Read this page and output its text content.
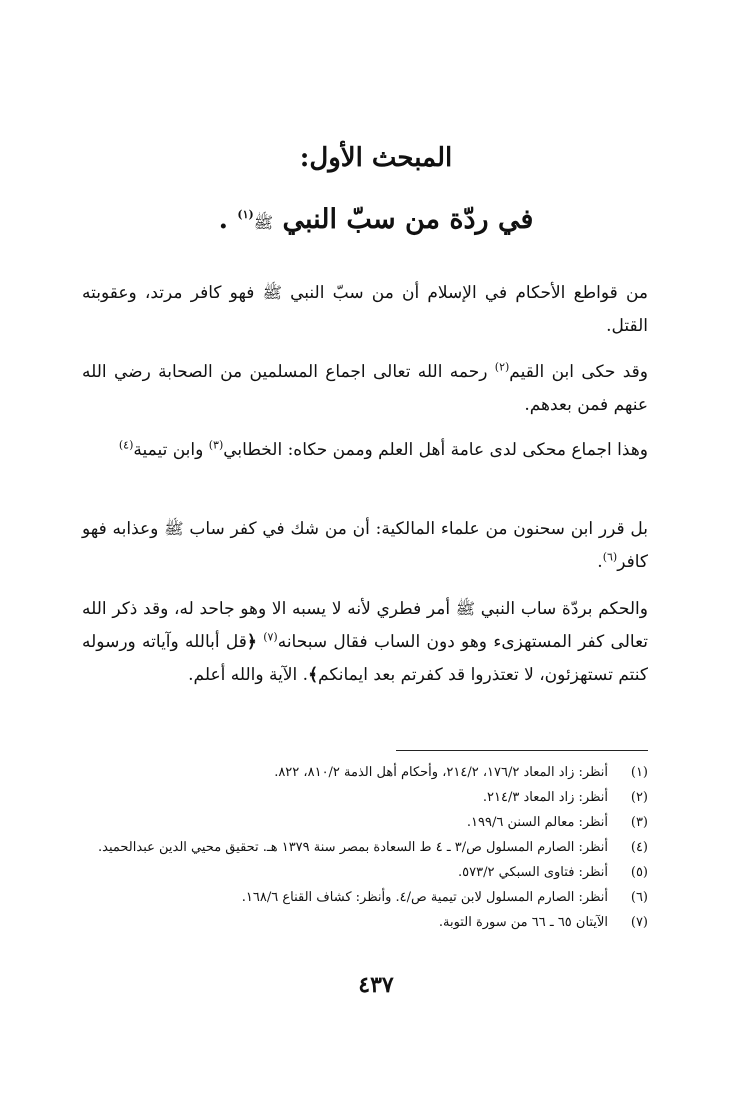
المبحث الأول:
في ردّة من سبّ النبي ﷺ$^{(١)}$ .

من قواطع الأحكام في الإسلام أن من سبّ النبي ﷺ فهو كافر مرتد، وعقوبته القتل.

وقد حكى ابن القيم$^{(٢)}$ رحمه الله تعالى اجماع المسلمين من الصحابة رضي الله عنهم فمن بعدهم.

وهذا اجماع محكى لدى عامة أهل العلم وممن حكاه: الخطابي$^{(٣)}$ وابن تيمية$^{(٤)}$

بل قرر ابن سحنون من علماء المالكية: أن من شك في كفر ساب ﷺ وعذابه فهو كافر$^{(٦)}$.

والحكم بردّة ساب النبي ﷺ أمر فطري لأنه لا يسبه الا وهو جاحد له، وقد ذكر الله تعالى كفر المستهزىء وهو دون الساب فقال سبحانه$^{(٧)}$ ﴿قل أبالله وآياته ورسوله كنتم تستهزئون، لا تعتذروا قد كفرتم بعد ايمانكم﴾. الآية والله أعلم.

(١)
أنظر: زاد المعاد ١٧٦/٢، ٢١٤/٢، وأحكام أهل الذمة ٨١٠/٢، ٨٢٢.
(٢)
أنظر: زاد المعاد ٢١٤/٣.
(٣)
أنظر: معالم السنن ١٩٩/٦.
(٤)
أنظر: الصارم المسلول ص/٣ ـ ٤ ط السعادة بمصر سنة ١٣٧٩ هـ. تحقيق محيي الدين عبدالحميد.
(٥)
أنظر: فتاوى السبكي ٥٧٣/٢.
(٦)
أنظر: الصارم المسلول لابن تيمية ص/٤. وأنظر: كشاف القناع ١٦٨/٦.
(٧)
الآيتان ٦٥ ـ ٦٦ من سورة التوبة.
٤٣٧
